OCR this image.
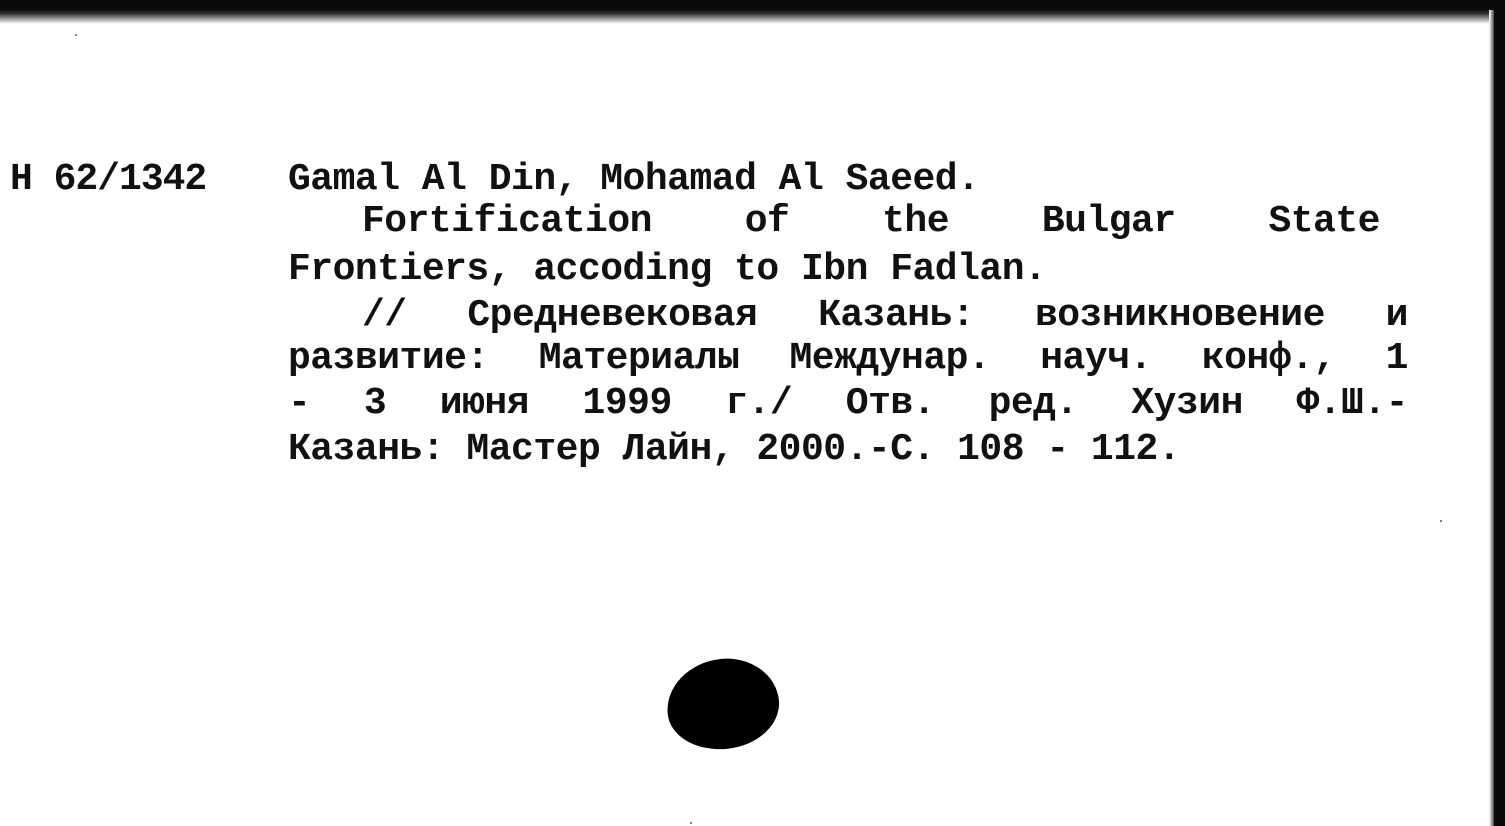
Н 62/1342 Gamal Al Din, Mohamad Al Saeed.
Fortification of the Bulgar State
Frontiers, accoding to Ibn Fadlan.
// Средневековая Казань: возникновение и
развитие: Материалы Междунар. науч. конф., 1
- 3 июня 1999 г./ Отв. ред. Хузин Ф.Ш.-
Казань: Мастер Лайн, 2000.-С. 108 - 112.
